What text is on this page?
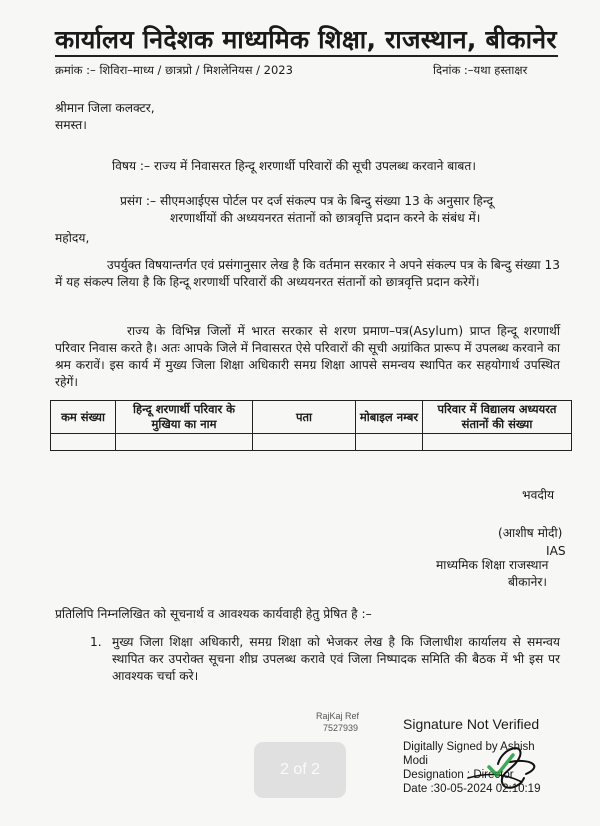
कार्यालय निदेशक माध्यमिक शिक्षा, राजस्थान, बीकानेर
क्रमांक :– शिविरा–माध्य / छात्रप्रो / मिशलेनियस / 2023	दिनांक :–यथा हस्ताक्षर
श्रीमान जिला कलक्टर,
समस्त।
विषय :– राज्य में निवासरत हिन्दू शरणार्थी परिवारों की सूची उपलब्ध करवाने बाबत।
प्रसंग :– सीएमआईएस पोर्टल पर दर्ज संकल्प पत्र के बिन्दु संख्या 13 के अनुसार हिन्दू
शरणार्थीयों की अध्ययनरत संतानों को छात्रवृत्ति प्रदान करने के संबंध में।
महोदय,
उपर्युक्त विषयान्तर्गत एवं प्रसंगानुसार लेख है कि वर्तमान सरकार ने अपने संकल्प पत्र के बिन्दु संख्या 13 में यह संकल्प लिया है कि हिन्दू शरणार्थी परिवारों की अध्ययनरत संतानों को छात्रवृत्ति प्रदान करेगें।
राज्य के विभिन्न जिलों में भारत सरकार से शरण प्रमाण–पत्र(Asylum) प्राप्त हिन्दू शरणार्थी परिवार निवास करते है। अतः आपके जिले में निवासरत ऐसे परिवारों की सूची अग्रांकित प्रारूप में उपलब्ध करवाने का श्रम करावें। इस कार्य में मुख्य जिला शिक्षा अधिकारी समग्र शिक्षा आपसे समन्वय स्थापित कर सहयोगार्थ उपस्थित रहेगें।
कम संख्या	हिन्दू शरणार्थी परिवार के मुखिया का नाम	पता	मोबाइल नम्बर	परिवार में विद्यालय अध्ययरत संतानों की संख्या

भवदीय
(आशीष मोदी)
IAS
माध्यमिक शिक्षा राजस्थान
बीकानेर।
प्रतिलिपि निम्नलिखित को सूचनार्थ व आवश्यक कार्यवाही हेतु प्रेषित है :–
1. मुख्य जिला शिक्षा अधिकारी, समग्र शिक्षा को भेजकर लेख है कि जिलाधीश कार्यालय से समन्वय स्थापित कर उपरोक्त सूचना शीघ्र उपलब्ध करावे एवं जिला निष्पादक समिति की बैठक में भी इस पर आवश्यक चर्चा करे।
RajKaj Ref
7527939
2 of 2
Signature Not Verified
Digitally Signed by Ashish
Modi
Designation : Director
Date :30-05-2024 02:10:19
